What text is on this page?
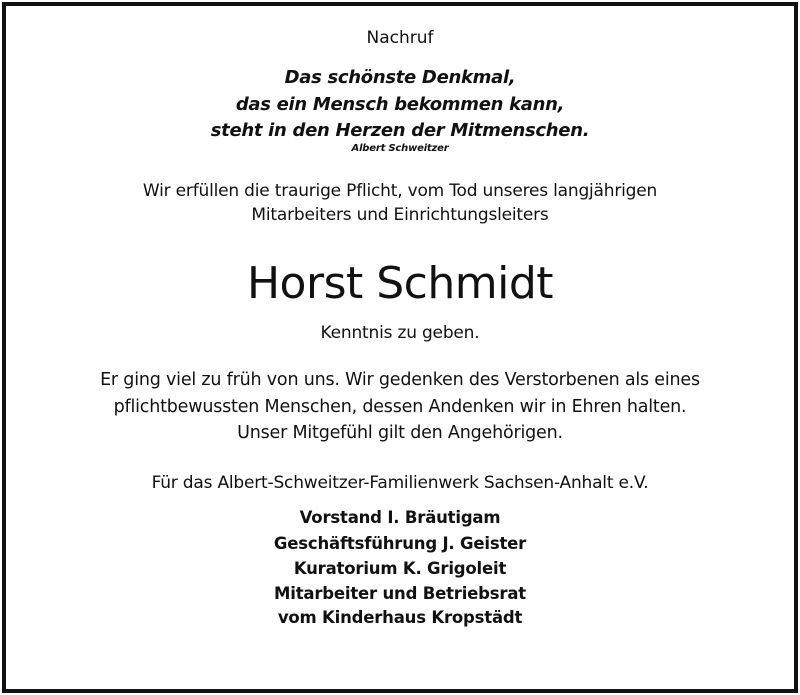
Nachruf
Das schönste Denkmal,
das ein Mensch bekommen kann,
steht in den Herzen der Mitmenschen.
Albert Schweitzer
Wir erfüllen die traurige Pflicht, vom Tod unseres langjährigen
Mitarbeiters und Einrichtungsleiters
Horst Schmidt
Kenntnis zu geben.
Er ging viel zu früh von uns. Wir gedenken des Verstorbenen als eines
pflichtbewussten Menschen, dessen Andenken wir in Ehren halten.
Unser Mitgefühl gilt den Angehörigen.
Für das Albert-Schweitzer-Familienwerk Sachsen-Anhalt e.V.
Vorstand I. Bräutigam
Geschäftsführung J. Geister
Kuratorium K. Grigoleit
Mitarbeiter und Betriebsrat
vom Kinderhaus Kropstädt
